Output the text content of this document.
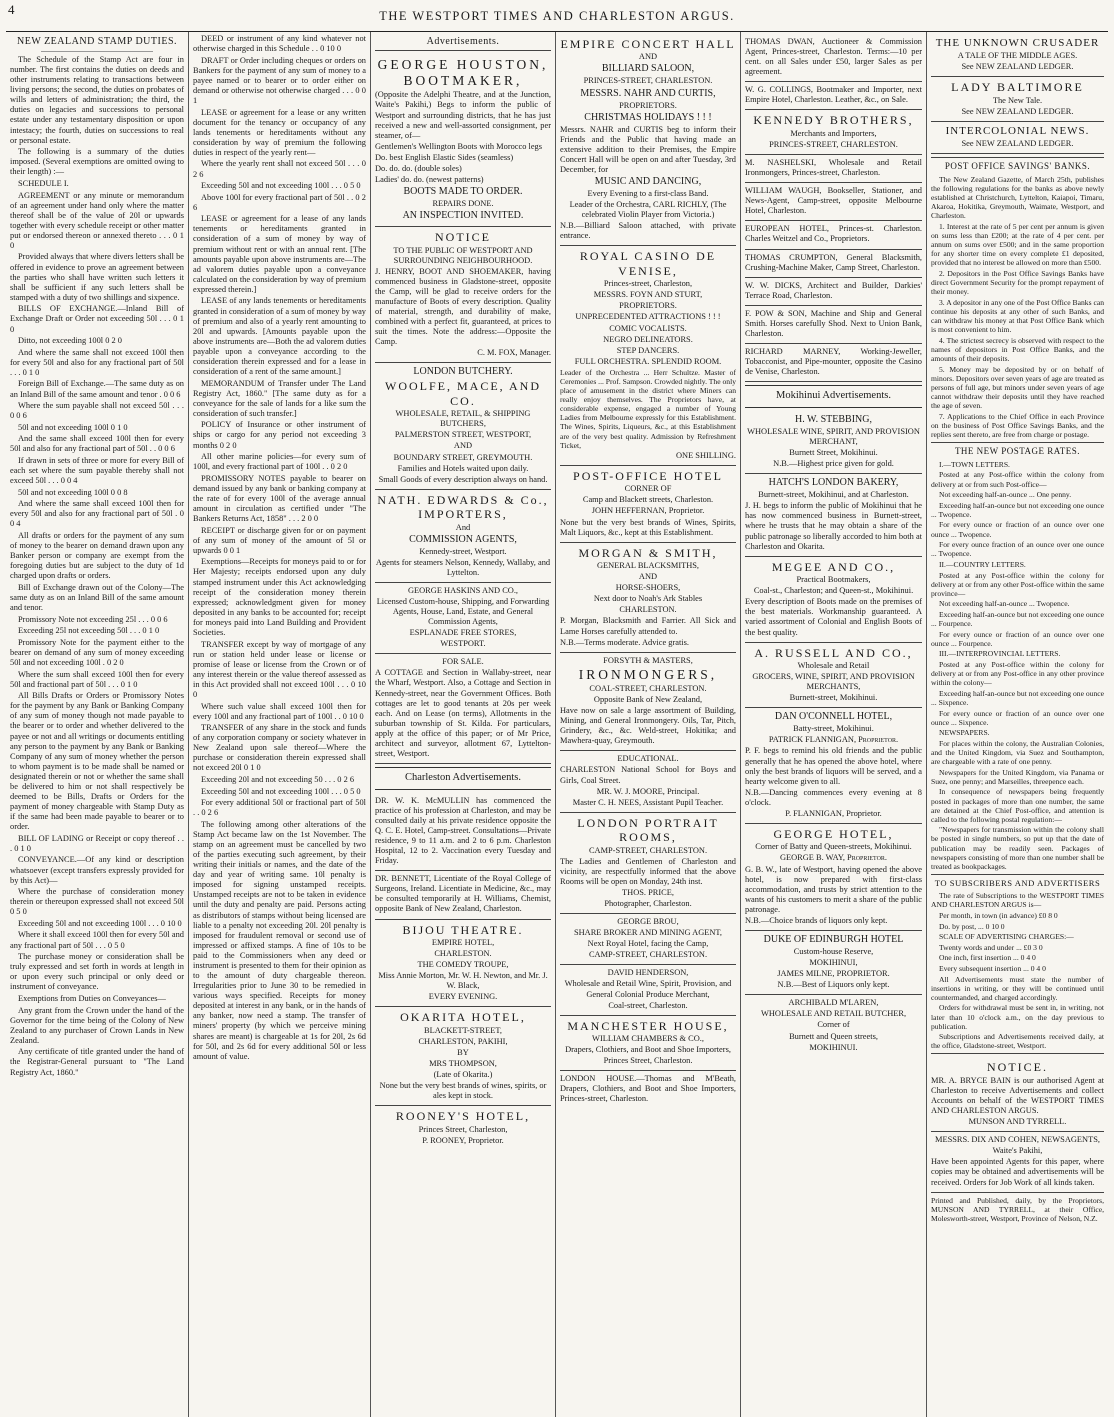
4	THE WESTPORT TIMES AND CHARLESTON ARGUS.
NEW ZEALAND STAMP DUTIES.

The Schedule of the Stamp Act are four in number. The first contains the duties on deeds and other instruments relating to transactions between living persons; the second, the duties on probates of wills and letters of administration; the third, the duties on legacies and successions to personal estate under any testamentary disposition or upon intestacy; the fourth, duties on successions to real or personal estate.

The following is a summary of the duties imposed. (Several exemptions are omitted owing to their length) :—

SCHEDULE I.

AGREEMENT or any minute or memorandum of an agreement under hand only where the matter thereof shall be of the value of 20l or upwards together with every schedule receipt or other matter put or endorsed thereon or annexed thereto . . . 0 1 0

Provided always that where divers letters shall be offered in evidence to prove an agreement between the parties who shall have written such letters it shall be sufficient if any such letters shall be stamped with a duty of two shillings and sixpence.

BILLS OF EXCHANGE.—Inland Bill of Exchange Draft or Order not exceeding 50l . . . 0 1 0

Ditto, not exceeding 100l 0 2 0

And where the same shall not exceed 100l then for every 50l and also for any fractional part of 50l . . . 0 1 0

Foreign Bill of Exchange.—The same duty as on an Inland Bill of the same amount and tenor . 0 0 6

Where the sum payable shall not exceed 50l . . . 0 0 6

50l and not exceeding 100l 0 1 0

And the same shall exceed 100l then for every 50l and also for any fractional part of 50l . . 0 0 6

If drawn in sets of three or more for every Bill of each set where the sum payable thereby shall not exceed 50l . . . 0 0 4

50l and not exceeding 100l 0 0 8

And where the same shall exceed 100l then for every 50l and also for any fractional part of 50l . 0 0 4

All drafts or orders for the payment of any sum of money to the bearer on demand drawn upon any Banker person or company are exempt from the foregoing duties but are subject to the duty of 1d charged upon drafts or orders.

Bill of Exchange drawn out of the Colony—The same duty as on an Inland Bill of the same amount and tenor.

Promissory Note not exceeding 25l . . . 0 0 6

Exceeding 25l not exceeding 50l . . . 0 1 0

Promissory Note for the payment either to the bearer on demand of any sum of money exceeding 50l and not exceeding 100l . 0 2 0

Where the sum shall exceed 100l then for every 50l and fractional part of 50l . . . 0 1 0

All Bills Drafts or Orders or Promissory Notes for the payment by any Bank or Banking Company of any sum of money though not made payable to the bearer or to order and whether delivered to the payee or not and all writings or documents entitling any person to the payment by any Bank or Banking Company of any sum of money whether the person to whom payment is to be made shall be named or designated therein or not or whether the same shall be delivered to him or not shall respectively be deemed to be Bills, Drafts or Orders for the payment of money chargeable with Stamp Duty as if the same had been made payable to bearer or to order.

BILL OF LADING or Receipt or copy thereof . . . 0 1 0

CONVEYANCE.—Of any kind or description whatsoever (except transfers expressly provided for by this Act)—

Where the purchase of consideration money therein or thereupon expressed shall not exceed 50l 0 5 0

Exceeding 50l and not exceeding 100l . . . 0 10 0

Where it shall exceed 100l then for every 50l and any fractional part of 50l . . . 0 5 0

The purchase money or consideration shall be truly expressed and set forth in words at length in or upon every such principal or only deed or instrument of conveyance.

Exemptions from Duties on Conveyances—

Any grant from the Crown under the hand of the Governor for the time being of the Colony of New Zealand to any purchaser of Crown Lands in New Zealand.

Any certificate of title granted under the hand of the Registrar-General pursuant to "The Land Registry Act, 1860."

DEED or instrument of any kind whatever not otherwise charged in this Schedule . . 0 10 0

DRAFT or Order including cheques or orders on Bankers for the payment of any sum of money to a payee named or to bearer or to order either on demand or otherwise not otherwise charged . . . 0 0 1

LEASE or agreement for a lease or any written document for the tenancy or occupancy of any lands tenements or hereditaments without any consideration by way of premium the following duties in respect of the yearly rent—

Where the yearly rent shall not exceed 50l . . . 0 2 6

Exceeding 50l and not exceeding 100l . . . 0 5 0

Above 100l for every fractional part of 50l . . 0 2 6

LEASE or agreement for a lease of any lands tenements or hereditaments granted in consideration of a sum of money by way of premium without rent or with an annual rent. [The amounts payable upon above instruments are—The ad valorem duties payable upon a conveyance calculated on the consideration by way of premium expressed therein.]

LEASE of any lands tenements or hereditaments granted in consideration of a sum of money by way of premium and also of a yearly rent amounting to 20l and upwards. [Amounts payable upon the above instruments are—Both the ad valorem duties payable upon a conveyance according to the consideration therein expressed and for a lease in consideration of a rent of the same amount.]

MEMORANDUM of Transfer under The Land Registry Act, 1860." [The same duty as for a conveyance for the sale of lands for a like sum the consideration of such transfer.]

POLICY of Insurance or other instrument of ships or cargo for any period not exceeding 3 months 0 2 0

All other marine policies—for every sum of 100l, and every fractional part of 100l . . 0 2 0

PROMISSORY NOTES payable to bearer on demand issued by any bank or banking company at the rate of for every 100l of the average annual amount in circulation as certified under "The Bankers Returns Act, 1858" . . . 2 0 0

RECEIPT or discharge given for or on payment of any sum of money of the amount of 5l or upwards 0 0 1

Exemptions—Receipts for moneys paid to or for Her Majesty; receipts endorsed upon any duly stamped instrument under this Act acknowledging receipt of the consideration money therein expressed; acknowledgment given for money deposited in any banks to be accounted for; receipt for moneys paid into Land Building and Provident Societies.

TRANSFER except by way of mortgage of any run or station held under lease or license or promise of lease or license from the Crown or of any interest therein or the value thereof assessed as in this Act provided shall not exceed 100l . . . 0 10 0

Where such value shall exceed 100l then for every 100l and any fractional part of 100l . . 0 10 0

TRANSFER of any share in the stock and funds of any corporation company or society whatever in New Zealand upon sale thereof—Where the purchase or consideration therein expressed shall not exceed 20l 0 1 0

Exceeding 20l and not exceeding 50 . . . 0 2 6

Exceeding 50l and not exceeding 100l . . . 0 5 0

For every additional 50l or fractional part of 50l . . 0 2 6

The following among other alterations of the Stamp Act became law on the 1st November. The stamp on an agreement must be cancelled by two of the parties executing such agreement, by their writing their initials or names, and the date of the day and year of writing same. 10l penalty is imposed for signing unstamped receipts. Unstamped receipts are not to be taken in evidence until the duty and penalty are paid. Persons acting as distributors of stamps without being licensed are liable to a penalty not exceeding 20l. 20l penalty is imposed for fraudulent removal or second use of impressed or affixed stamps. A fine of 10s to be paid to the Commissioners when any deed or instrument is presented to them for their opinion as to the amount of duty chargeable thereon. Irregularities prior to June 30 to be remedied in various ways specified. Receipts for money deposited at interest in any bank, or in the hands of any banker, now need a stamp. The transfer of miners' property (by which we perceive mining shares are meant) is chargeable at 1s for 20l, 2s 6d for 50l, and 2s 6d for every additional 50l or less amount of value.

Advertisements.
GEORGE HOUSTON, BOOTMAKER,

(Opposite the Adelphi Theatre, and at the Junction, Waite's Pakihi,) Begs to inform the public of Westport and surrounding districts, that he has just received a new and well-assorted consignment, per steamer, of—

Gentlemen's Wellington Boots with Morocco legs

Do. best English Elastic Sides (seamless)

Do. do. do. (double soles)

Ladies' do. do. (newest patterns)

BOOTS MADE TO ORDER.

REPAIRS DONE.

AN INSPECTION INVITED.

NOTICE

TO THE PUBLIC OF WESTPORT AND SURROUNDING NEIGHBOURHOOD.

J. HENRY, BOOT AND SHOEMAKER, having commenced business in Gladstone-street, opposite the Camp, will be glad to receive orders for the manufacture of Boots of every description. Quality of material, strength, and durability of make, combined with a perfect fit, guaranteed, at prices to suit the times. Note the address:—Opposite the Camp.

C. M. FOX, Manager.

LONDON BUTCHERY.

WOOLFE, MACE, AND CO.

WHOLESALE, RETAIL, & SHIPPING BUTCHERS,

PALMERSTON STREET, WESTPORT,

AND

BOUNDARY STREET, GREYMOUTH.

Families and Hotels waited upon daily.

Small Goods of every description always on hand.

NATH. EDWARDS & Co., IMPORTERS,

And

COMMISSION AGENTS,

Kennedy-street, Westport.

Agents for steamers Nelson, Kennedy, Wallaby, and Lyttelton.

GEORGE HASKINS AND CO.,

Licensed Custom-house, Shipping, and Forwarding Agents, House, Land, Estate, and General Commission Agents,

ESPLANADE FREE STORES,

WESTPORT.

FOR SALE.

A COTTAGE and Section in Wallaby-street, near the Wharf, Westport. Also, a Cottage and Section in Kennedy-street, near the Government Offices. Both cottages are let to good tenants at 20s per week each. And on Lease (on terms), Allotments in the suburban township of St. Kilda. For particulars, apply at the office of this paper; or of Mr Price, architect and surveyor, allotment 67, Lyttelton-street, Westport.

Charleston Advertisements.

DR. W. K. McMULLIN has commenced the practice of his profession at Charleston, and may be consulted daily at his private residence opposite the Q. C. E. Hotel, Camp-street. Consultations—Private residence, 9 to 11 a.m. and 2 to 6 p.m. Charleston Hospital, 12 to 2. Vaccination every Tuesday and Friday.

DR. BENNETT, Licentiate of the Royal College of Surgeons, Ireland. Licentiate in Medicine, &c., may be consulted temporarily at H. Williams, Chemist, opposite Bank of New Zealand, Charleston.

BIJOU THEATRE.

EMPIRE HOTEL,

CHARLESTON.

THE COMEDY TROUPE,

Miss Annie Morton, Mr. W. H. Newton, and Mr. J. W. Black,

EVERY EVENING.

OKARITA HOTEL,

BLACKETT-STREET,

CHARLESTON, PAKIHI,

BY

MRS THOMPSON,

(Late of Okarita.)

None but the very best brands of wines, spirits, or ales kept in stock.

ROONEY'S HOTEL,

Princes Street, Charleston,

P. ROONEY, Proprietor.

EMPIRE CONCERT HALL

AND

BILLIARD SALOON,

PRINCES-STREET, CHARLESTON.

MESSRS. NAHR AND CURTIS,

PROPRIETORS.

CHRISTMAS HOLIDAYS ! ! !

Messrs. NAHR and CURTIS beg to inform their Friends and the Public that having made an extensive addition to their Premises, the Empire Concert Hall will be open on and after Tuesday, 3rd December, for

MUSIC AND DANCING,

Every Evening to a first-class Band.

Leader of the Orchestra, CARL RICHLY, (The celebrated Violin Player from Victoria.)

N.B.—Billiard Saloon attached, with private entrance.

ROYAL CASINO DE VENISE,

Princes-street, Charleston,

MESSRS. FOYN AND STURT,

PROPRIETORS.

UNPRECEDENTED ATTRACTIONS ! ! !

COMIC VOCALISTS.

NEGRO DELINEATORS.

STEP DANCERS.

FULL ORCHESTRA. SPLENDID ROOM.

Leader of the Orchestra ... Herr Schultze. Master of Ceremonies ... Prof. Sampson. Crowded nightly. The only place of amusement in the district where Miners can really enjoy themselves. The Proprietors have, at considerable expense, engaged a number of Young Ladies from Melbourne expressly for this Establishment. The Wines, Spirits, Liqueurs, &c., at this Establishment are of the very best quality. Admission by Refreshment Ticket,

ONE SHILLING.

POST-OFFICE HOTEL

CORNER OF

Camp and Blackett streets, Charleston.

JOHN HEFFERNAN, Proprietor.

None but the very best brands of Wines, Spirits, Malt Liquors, &c., kept at this Establishment.

MORGAN & SMITH,

GENERAL BLACKSMITHS,

AND

HORSE-SHOERS,

Next door to Noah's Ark Stables

CHARLESTON.

P. Morgan, Blacksmith and Farrier. All Sick and Lame Horses carefully attended to.

N.B.—Terms moderate. Advice gratis.

FORSYTH & MASTERS,

IRONMONGERS,

COAL-STREET, CHARLESTON.

Opposite Bank of New Zealand,

Have now on sale a large assortment of Building, Mining, and General Ironmongery. Oils, Tar, Pitch, Grindery, &c., &c. Weld-street, Hokitika; and Mawhera-quay, Greymouth.

EDUCATIONAL.

CHARLESTON National School for Boys and Girls, Coal Street.

MR. W. J. MOORE, Principal.

Master C. H. NEES, Assistant Pupil Teacher.

LONDON PORTRAIT ROOMS,

CAMP-STREET, CHARLESTON.

The Ladies and Gentlemen of Charleston and vicinity, are respectfully informed that the above Rooms will be open on Monday, 24th inst.

THOS. PRICE,

Photographer, Charleston.

GEORGE BROU,

SHARE BROKER AND MINING AGENT,

Next Royal Hotel, facing the Camp,

CAMP-STREET, CHARLESTON.

DAVID HENDERSON,

Wholesale and Retail Wine, Spirit, Provision, and General Colonial Produce Merchant,

Coal-street, Charleston.

MANCHESTER HOUSE,

WILLIAM CHAMBERS & CO.,

Drapers, Clothiers, and Boot and Shoe Importers,

Princes Street, Charleston.

LONDON HOUSE.—Thomas and M'Beath, Drapers, Clothiers, and Boot and Shoe Importers, Princes-street, Charleston.

THOMAS DWAN, Auctioneer & Commission Agent, Princes-street, Charleston. Terms:—10 per cent. on all Sales under £50, larger Sales as per agreement.

W. G. COLLINGS, Bootmaker and Importer, next Empire Hotel, Charleston. Leather, &c., on Sale.

KENNEDY BROTHERS,

Merchants and Importers,

PRINCES-STREET, CHARLESTON.

M. NASHELSKI, Wholesale and Retail Ironmongers, Princes-street, Charleston.

WILLIAM WAUGH, Bookseller, Stationer, and News-Agent, Camp-street, opposite Melbourne Hotel, Charleston.

EUROPEAN HOTEL, Princes-st. Charleston. Charles Weitzel and Co., Proprietors.

THOMAS CRUMPTON, General Blacksmith, Crushing-Machine Maker, Camp Street, Charleston.

W. W. DICKS, Architect and Builder, Darkies' Terrace Road, Charleston.

F. POW & SON, Machine and Ship and General Smith. Horses carefully Shod. Next to Union Bank, Charleston.

RICHARD MARNEY, Working-Jeweller, Tobacconist, and Pipe-mounter, opposite the Casino de Venise, Charleston.

Mokihinui Advertisements.

H. W. STEBBING,

WHOLESALE WINE, SPIRIT, AND PROVISION MERCHANT,

Burnett Street, Mokihinui.

N.B.—Highest price given for gold.

HATCH'S LONDON BAKERY,

Burnett-street, Mokihinui, and at Charleston.

J. H. begs to inform the public of Mokihinui that he has now commenced business in Burnett-street, where he trusts that he may obtain a share of the public patronage so liberally accorded to him both at Charleston and Okarita.

MEGEE AND CO.,

Practical Bootmakers,

Coal-st., Charleston; and Queen-st., Mokihinui.

Every description of Boots made on the premises of the best materials. Workmanship guaranteed. A varied assortment of Colonial and English Boots of the best quality.

A. RUSSELL AND CO.,

Wholesale and Retail

GROCERS, WINE, SPIRIT, AND PROVISION MERCHANTS,

Burnett-street, Mokihinui.

DAN O'CONNELL HOTEL,

Batty-street, Mokihinui.

PATRICK FLANNIGAN, Proprietor.

P. F. begs to remind his old friends and the public generally that he has opened the above hotel, where only the best brands of liquors will be served, and a hearty welcome given to all.

N.B.—Dancing commences every evening at 8 o'clock.

P. FLANNIGAN, Proprietor.

GEORGE HOTEL,

Corner of Batty and Queen-streets, Mokihinui.

GEORGE B. WAY, Proprietor.

G. B. W., late of Westport, having opened the above hotel, is now prepared with first-class accommodation, and trusts by strict attention to the wants of his customers to merit a share of the public patronage.

N.B.—Choice brands of liquors only kept.

DUKE OF EDINBURGH HOTEL

Custom-house Reserve,

MOKIHINUI,

JAMES MILNE, PROPRIETOR.

N.B.—Best of Liquors only kept.

ARCHIBALD M'LAREN,

WHOLESALE AND RETAIL BUTCHER,

Corner of

Burnett and Queen streets,

MOKIHINUI.

THE UNKNOWN CRUSADER

A TALE OF THE MIDDLE AGES.

See NEW ZEALAND LEDGER.

LADY BALTIMORE

The New Tale.

See NEW ZEALAND LEDGER.

INTERCOLONIAL NEWS.

See NEW ZEALAND LEDGER.

POST OFFICE SAVINGS' BANKS.

The New Zealand Gazette, of March 25th, publishes the following regulations for the banks as above newly established at Christchurch, Lyttelton, Kaiapoi, Timaru, Akaroa, Hokitika, Greymouth, Waimate, Westport, and Charleston.

1. Interest at the rate of 5 per cent per annum is given on sums less than £200; at the rate of 4 per cent. per annum on sums over £500; and in the same proportion for any shorter time on every complete £1 deposited, provided that no interest be allowed on more than £500.

2. Depositors in the Post Office Savings Banks have direct Government Security for the prompt repayment of their money.

3. A depositor in any one of the Post Office Banks can continue his deposits at any other of such Banks, and can withdraw his money at that Post Office Bank which is most convenient to him.

4. The strictest secrecy is observed with respect to the names of depositors in Post Office Banks, and the amounts of their deposits.

5. Money may be deposited by or on behalf of minors. Depositors over seven years of age are treated as persons of full age, but minors under seven years of age cannot withdraw their deposits until they have reached the age of seven.

7. Applications to the Chief Office in each Province on the business of Post Office Savings Banks, and the replies sent thereto, are free from charge or postage.

THE NEW POSTAGE RATES.

I.—TOWN LETTERS.

Posted at any Post-office within the colony from delivery at or from such Post-office—

Not exceeding half-an-ounce ... One penny.

Exceeding half-an-ounce but not exceeding one ounce ... Twopence.

For every ounce or fraction of an ounce over one ounce ... Twopence.

For every ounce fraction of an ounce over one ounce ... Twopence.

II.—COUNTRY LETTERS.

Posted at any Post-office within the colony for delivery at or from any other Post-office within the same province—

Not exceeding half-an-ounce ... Twopence.

Exceeding half-an-ounce but not exceeding one ounce ... Fourpence.

For every ounce or fraction of an ounce over one ounce ... Fourpence.

III.—INTERPROVINCIAL LETTERS.

Posted at any Post-office within the colony for delivery at or from any Post-office in any other province within the colony—

Exceeding half-an-ounce but not exceeding one ounce ... Sixpence.

For every ounce or fraction of an ounce over one ounce ... Sixpence.

NEWSPAPERS.

For places within the colony, the Australian Colonies, and the United Kingdom, via Suez and Southampton, are chargeable with a rate of one penny.

Newspapers for the United Kingdom, via Panama or Suez, one penny; and Marseilles, threepence each.

In consequence of newspapers being frequently posted in packages of more than one number, the same are detained at the Chief Post-office, and attention is called to the following postal regulation:—

"Newspapers for transmission within the colony shall be posted in single numbers, so put up that the date of publication may be readily seen. Packages of newspapers consisting of more than one number shall be treated as bookpackages.

TO SUBSCRIBERS AND ADVERTISERS

The rate of Subscriptions to the WESTPORT TIMES AND CHARLESTON ARGUS is—

Per month, in town (in advance) £0 8 0

Do. by post, ... 0 10 0

SCALE OF ADVERTISING CHARGES:—

Twenty words and under ... £0 3 0

One inch, first insertion ... 0 4 0

Every subsequent insertion ... 0 4 0

All Advertisements must state the number of insertions in writing, or they will be continued until countermanded, and charged accordingly.

Orders for withdrawal must be sent in, in writing, not later than 10 o'clock a.m., on the day previous to publication.

Subscriptions and Advertisements received daily, at the office, Gladstone-street, Westport.

NOTICE.

MR. A. BRYCE BAIN is our authorised Agent at Charleston to receive Advertisements and collect Accounts on behalf of the WESTPORT TIMES AND CHARLESTON ARGUS.

MUNSON AND TYRRELL.

MESSRS. DIX AND COHEN, NEWSAGENTS,

Waite's Pakihi,

Have been appointed Agents for this paper, where copies may be obtained and advertisements will be received. Orders for Job Work of all kinds taken.

Printed and Published, daily, by the Proprietors, MUNSON AND TYRRELL, at their Office, Molesworth-street, Westport, Province of Nelson, N.Z.
